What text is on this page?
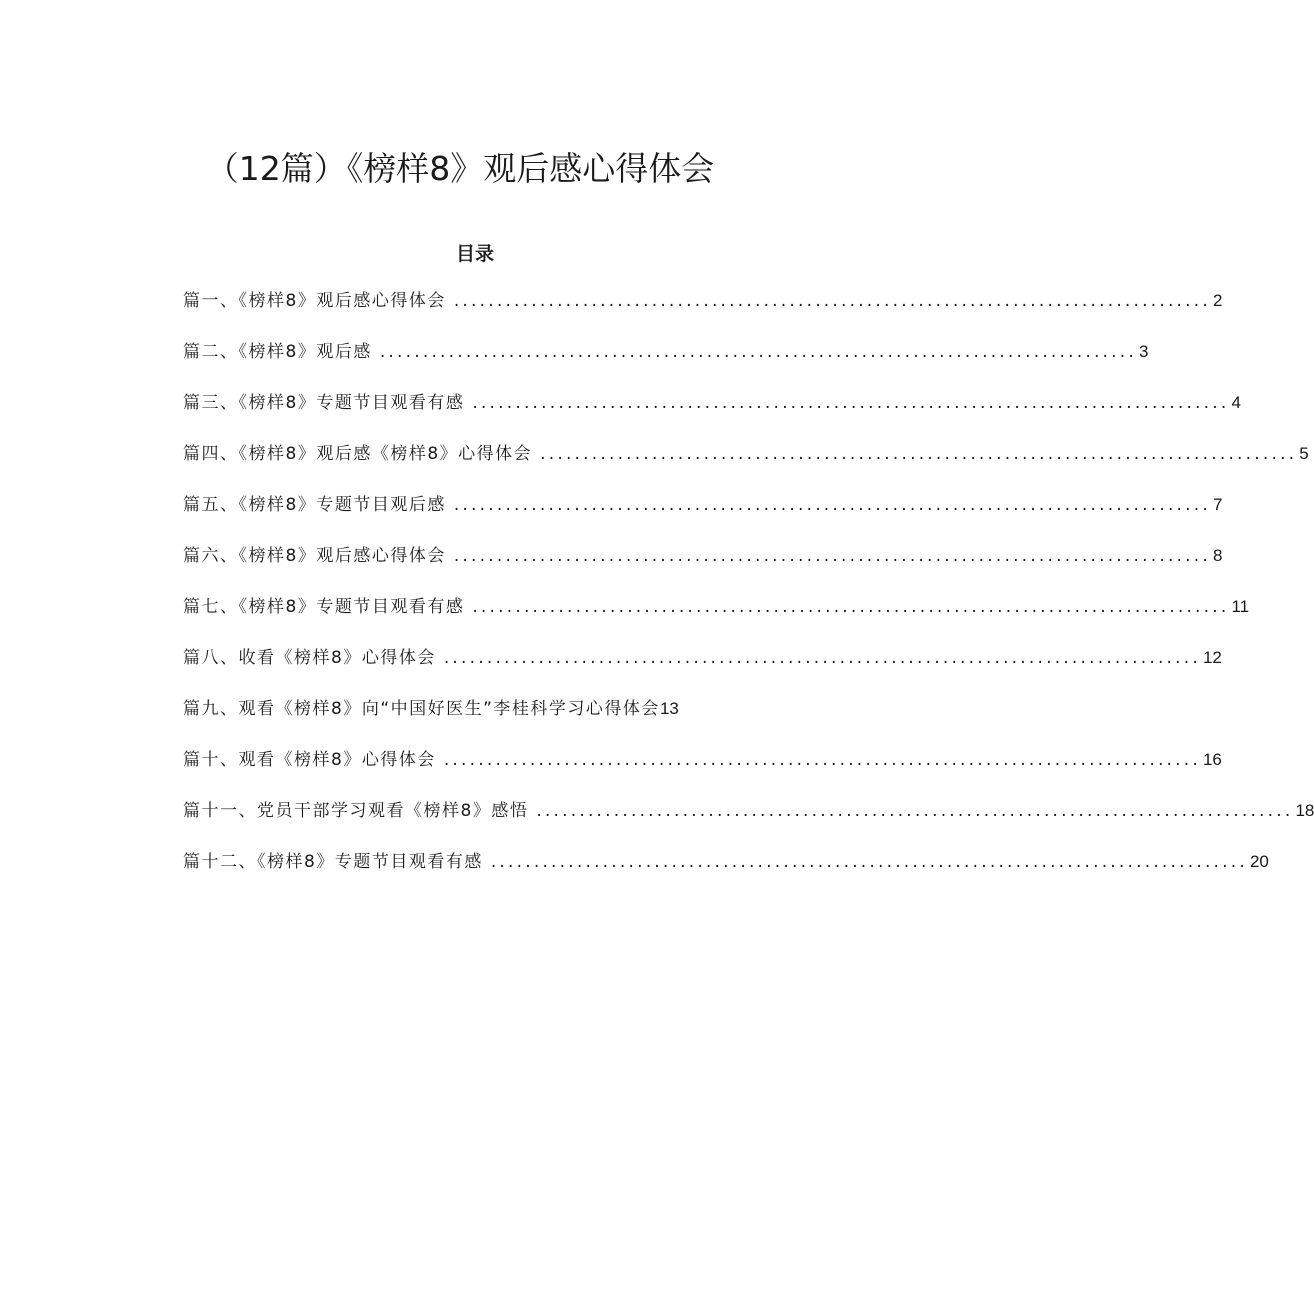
（12篇）《榜样8》观后感心得体会
目录
篇一、《榜样8》观后感心得体会 ........................................................................................ 2
篇二、《榜样8》观后感 ........................................................................................ 3
篇三、《榜样8》专题节目观看有感 ........................................................................................ 4
篇四、《榜样8》观后感《榜样8》心得体会 ........................................................................................ 5
篇五、《榜样8》专题节目观后感 ........................................................................................ 7
篇六、《榜样8》观后感心得体会 ........................................................................................ 8
篇七、《榜样8》专题节目观看有感 ........................................................................................ 11
篇八、收看《榜样8》心得体会 ........................................................................................ 12
篇九、观看《榜样8》向“中国好医生”李桂科学习心得体会 13
篇十、观看《榜样8》心得体会 ........................................................................................ 16
篇十一、党员干部学习观看《榜样8》感悟 ........................................................................................ 18
篇十二、《榜样8》专题节目观看有感 ........................................................................................ 20
